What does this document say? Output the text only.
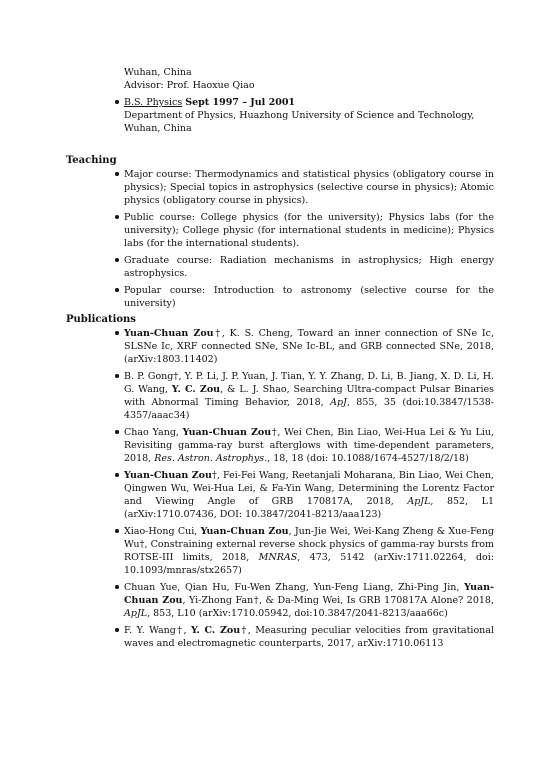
Wuhan, China
Advisor: Prof. Haoxue Qiao
B.S. Physics Sept 1997 – Jul 2001
Department of Physics, Huazhong University of Science and Technology, Wuhan, China
Teaching
Major course: Thermodynamics and statistical physics (obligatory course in physics); Special topics in astrophysics (selective course in physics); Atomic physics (obligatory course in physics).
Public course: College physics (for the university); Physics labs (for the university); College physic (for international students in medicine); Physics labs (for the international students).
Graduate course: Radiation mechanisms in astrophysics; High energy astrophysics.
Popular course: Introduction to astronomy (selective course for the university)
Publications
Yuan-Chuan Zou†, K. S. Cheng, Toward an inner connection of SNe Ic, SLSNe Ic, XRF connected SNe, SNe Ic-BL, and GRB connected SNe, 2018, (arXiv:1803.11402)
B. P. Gong†, Y. P. Li, J. P. Yuan, J. Tian, Y. Y. Zhang, D. Li, B. Jiang, X. D. Li, H. G. Wang, Y. C. Zou, & L. J. Shao, Searching Ultra-compact Pulsar Binaries with Abnormal Timing Behavior, 2018, ApJ, 855, 35 (doi:10.3847/1538-4357/aaac34)
Chao Yang, Yuan-Chuan Zou†, Wei Chen, Bin Liao, Wei-Hua Lei & Yu Liu, Revisiting gamma-ray burst afterglows with time-dependent parameters, 2018, Res. Astron. Astrophys., 18, 18 (doi: 10.1088/1674-4527/18/2/18)
Yuan-Chuan Zou†, Fei-Fei Wang, Reetanjali Moharana, Bin Liao, Wei Chen, Qingwen Wu, Wei-Hua Lei, & Fa-Yin Wang, Determining the Lorentz Factor and Viewing Angle of GRB 170817A, 2018, ApJL, 852, L1 (arXiv:1710.07436, DOI: 10.3847/2041-8213/aaa123)
Xiao-Hong Cui, Yuan-Chuan Zou, Jun-Jie Wei, Wei-Kang Zheng & Xue-Feng Wu†, Constraining external reverse shock physics of gamma-ray bursts from ROTSE-III limits, 2018, MNRAS, 473, 5142 (arXiv:1711.02264, doi: 10.1093/mnras/stx2657)
Chuan Yue, Qian Hu, Fu-Wen Zhang, Yun-Feng Liang, Zhi-Ping Jin, Yuan-Chuan Zou, Yi-Zhong Fan†, & Da-Ming Wei, Is GRB 170817A Alone? 2018, ApJL, 853, L10 (arXiv:1710.05942, doi:10.3847/2041-8213/aaa66c)
F. Y. Wang†, Y. C. Zou†, Measuring peculiar velocities from gravitational waves and electromagnetic counterparts, 2017, arXiv:1710.06113
